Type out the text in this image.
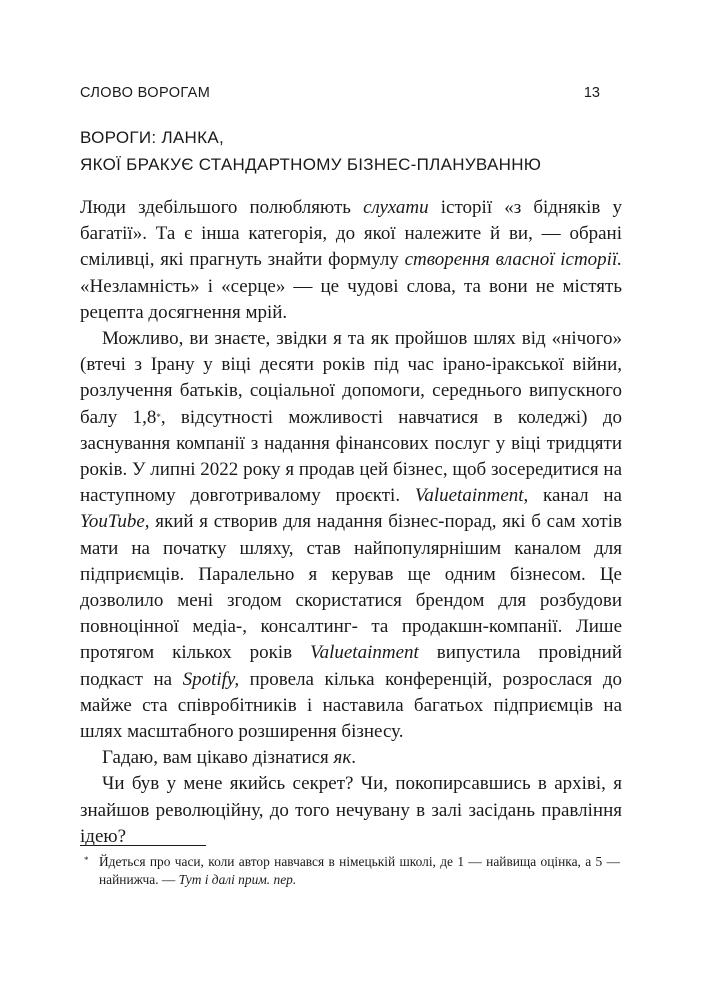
СЛОВО ВОРОГАМ	13
ВОРОГИ: ЛАНКА,
ЯКОЇ БРАКУЄ СТАНДАРТНОМУ БІЗНЕС-ПЛАНУВАННЮ

Люди здебільшого полюбляють слухати історії «з бідняків у багатії». Та є інша категорія, до якої належите й ви, — обрані сміливці, які прагнуть знайти формулу створення власної історії. «Незламність» і «серце» — це чудові слова, та вони не містять рецепта досягнення мрій.

Можливо, ви знаєте, звідки я та як пройшов шлях від «нічого» (втечі з Ірану у віці десяти років під час ірано-іракської війни, розлучення батьків, соціальної допомоги, середнього випускного балу 1,8*, відсутності можливості навчатися в коледжі) до заснування компанії з надання фінансових послуг у віці тридцяти років. У липні 2022 року я продав цей бізнес, щоб зосередитися на наступному довготривалому проєкті. Valuetainment, канал на YouTube, який я створив для надання бізнес-порад, які б сам хотів мати на початку шляху, став найпопулярнішим каналом для підприємців. Паралельно я керував ще одним бізнесом. Це дозволило мені згодом скористатися брендом для розбудови повноцінної медіа-, консалтинг- та продакшн-компанії. Лише протягом кількох років Valuetainment випустила провідний подкаст на Spotify, провела кілька конференцій, розрослася до майже ста співробітників і наставила багатьох підприємців на шлях масштабного розширення бізнесу.

Гадаю, вам цікаво дізнатися як.

Чи був у мене якийсь секрет? Чи, покопирсавшись в архіві, я знайшов революційну, до того нечувану в залі засідань правління ідею?

* Йдеться про часи, коли автор навчався в німецькій школі, де 1 — найвища оцінка, а 5 — найнижча. — Тут і далі прим. пер.
